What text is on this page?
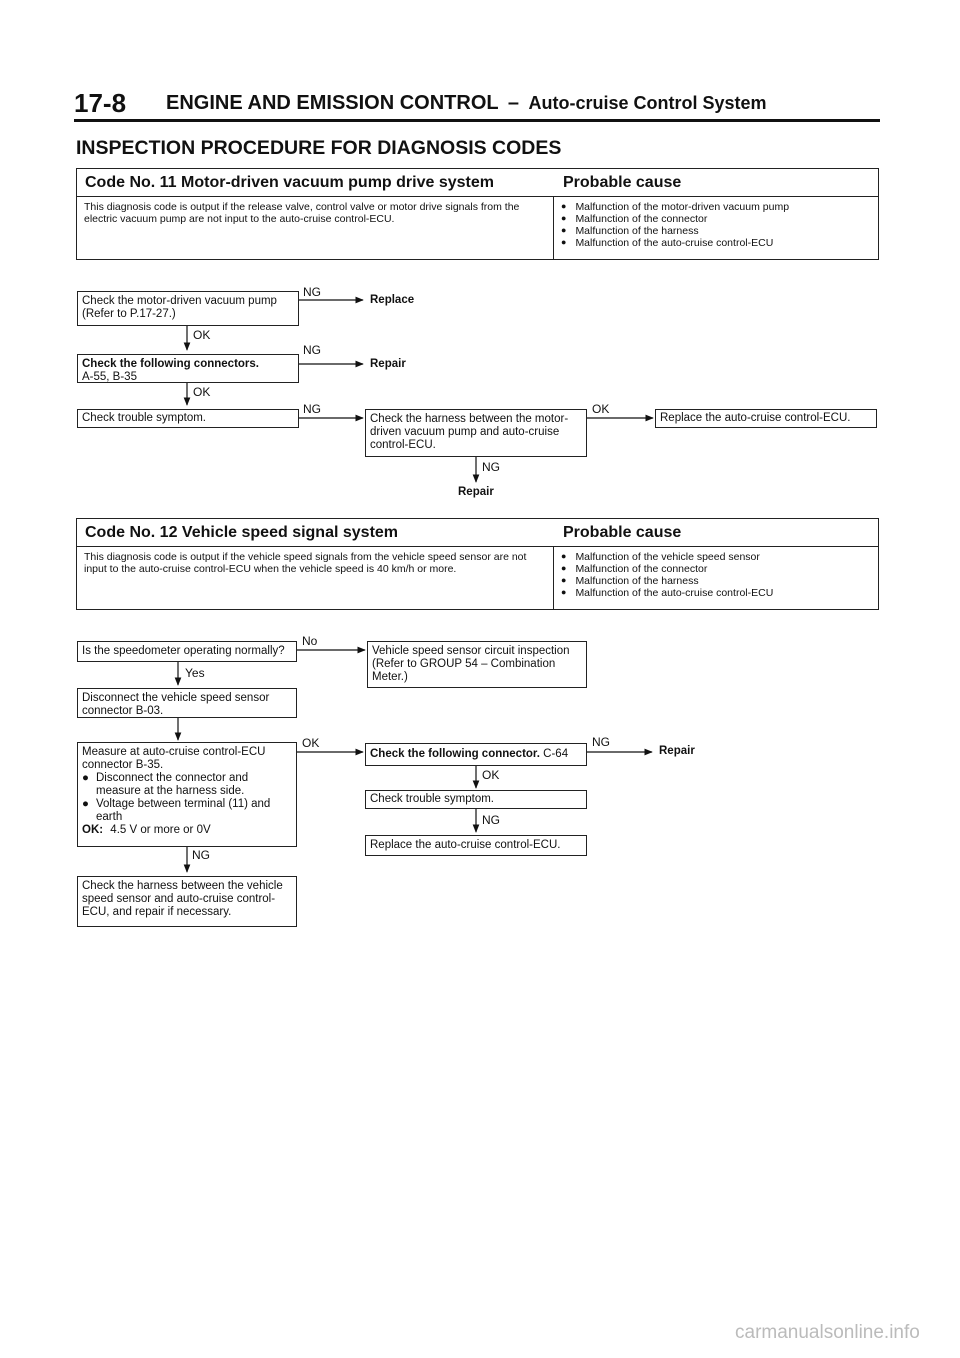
17-8 ENGINE AND EMISSION CONTROL – Auto-cruise Control System
INSPECTION PROCEDURE FOR DIAGNOSIS CODES
Code No. 11 Motor-driven vacuum pump drive system	Probable cause
This diagnosis code is output if the release valve, control valve or motor drive signals from the electric vacuum pump are not input to the auto-cruise control-ECU.
● Malfunction of the motor-driven vacuum pump
● Malfunction of the connector
● Malfunction of the harness
● Malfunction of the auto-cruise control-ECU
Code No. 12 Vehicle speed signal system	Probable cause
This diagnosis code is output if the vehicle speed signals from the vehicle speed sensor are not input to the auto-cruise control-ECU when the vehicle speed is 40 km/h or more.
● Malfunction of the vehicle speed sensor
● Malfunction of the connector
● Malfunction of the harness
● Malfunction of the auto-cruise control-ECU
Check the motor-driven vacuum pump (Refer to P.17-27.)
NG
Replace
OK
Check the following connectors.
A-55, B-35
NG
Repair
OK
Check trouble symptom.
NG
Check the harness between the motor-driven vacuum pump and auto-cruise control-ECU.
OK
Replace the auto-cruise control-ECU.
NG
Repair
Is the speedometer operating normally?
No
Vehicle speed sensor circuit inspection (Refer to GROUP 54 – Combination Meter.)
Yes
Disconnect the vehicle speed sensor connector B-03.
Measure at auto-cruise control-ECU connector B-35.
● Disconnect the connector and measure at the harness side.
● Voltage between terminal (11) and earth
OK: 4.5 V or more or 0V
OK
Check the following connector. C-64
NG
Repair
OK
Check trouble symptom.
NG
Replace the auto-cruise control-ECU.
NG
Check the harness between the vehicle speed sensor and auto-cruise control-ECU, and repair if necessary.
carmanualsonline.info
